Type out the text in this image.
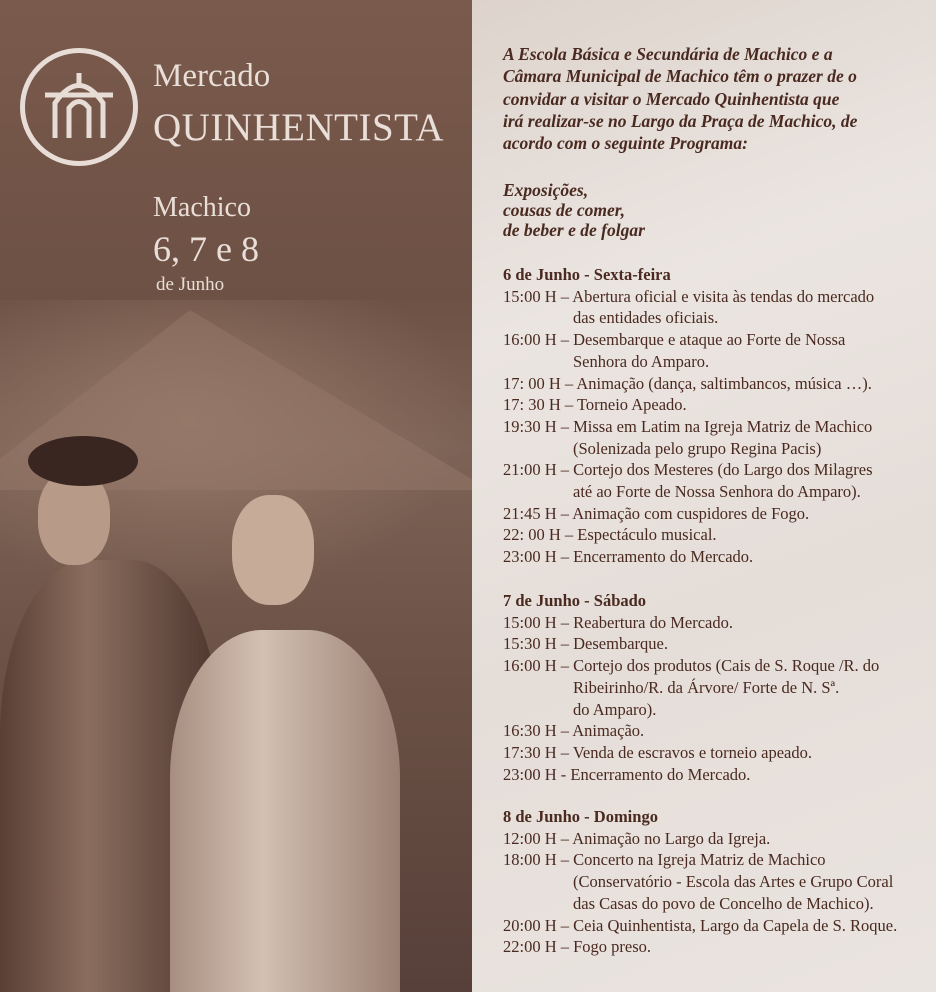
Mercado
QUINHENTISTA
Machico
6, 7 e 8
de Junho
A Escola Básica e Secundária de Machico e a
Câmara Municipal de Machico têm o prazer de o
convidar a visitar o Mercado Quinhentista que
irá realizar-se no Largo da Praça de Machico, de
acordo com o seguinte Programa:
Exposições,
cousas de comer,
de beber e de folgar
6 de Junho - Sexta-feira
15:00 H – Abertura oficial e visita às tendas do mercado
das entidades oficiais.
16:00 H – Desembarque e ataque ao Forte de Nossa
Senhora do Amparo.
17: 00 H – Animação (dança, saltimbancos, música …).
17: 30 H – Torneio Apeado.
19:30 H – Missa em Latim na Igreja Matriz de Machico
(Solenizada pelo grupo Regina Pacis)
21:00 H – Cortejo dos Mesteres (do Largo dos Milagres
até ao Forte de Nossa Senhora do Amparo).
21:45 H – Animação com cuspidores de Fogo.
22: 00 H – Espectáculo musical.
23:00 H – Encerramento do Mercado.
7 de Junho - Sábado
15:00 H – Reabertura do Mercado.
15:30 H – Desembarque.
16:00 H – Cortejo dos produtos (Cais de S. Roque /R. do
Ribeirinho/R. da Árvore/ Forte de N. Sª.
do Amparo).
16:30 H – Animação.
17:30 H – Venda de escravos e torneio apeado.
23:00 H - Encerramento do Mercado.
8 de Junho - Domingo
12:00 H – Animação no Largo da Igreja.
18:00 H – Concerto na Igreja Matriz de Machico
(Conservatório - Escola das Artes e Grupo Coral
das Casas do povo de Concelho de Machico).
20:00 H – Ceia Quinhentista, Largo da Capela de S. Roque.
22:00 H – Fogo preso.
